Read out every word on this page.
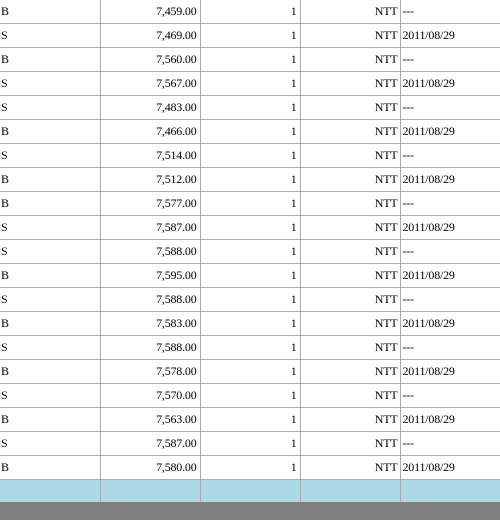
B	7,459.00	1	NTT	---
S	7,469.00	1	NTT	2011/08/29
B	7,560.00	1	NTT	---
S	7,567.00	1	NTT	2011/08/29
S	7,483.00	1	NTT	---
B	7,466.00	1	NTT	2011/08/29
S	7,514.00	1	NTT	---
B	7,512.00	1	NTT	2011/08/29
B	7,577.00	1	NTT	---
S	7,587.00	1	NTT	2011/08/29
S	7,588.00	1	NTT	---
B	7,595.00	1	NTT	2011/08/29
S	7,588.00	1	NTT	---
B	7,583.00	1	NTT	2011/08/29
S	7,588.00	1	NTT	---
B	7,578.00	1	NTT	2011/08/29
S	7,570.00	1	NTT	---
B	7,563.00	1	NTT	2011/08/29
S	7,587.00	1	NTT	---
B	7,580.00	1	NTT	2011/08/29
